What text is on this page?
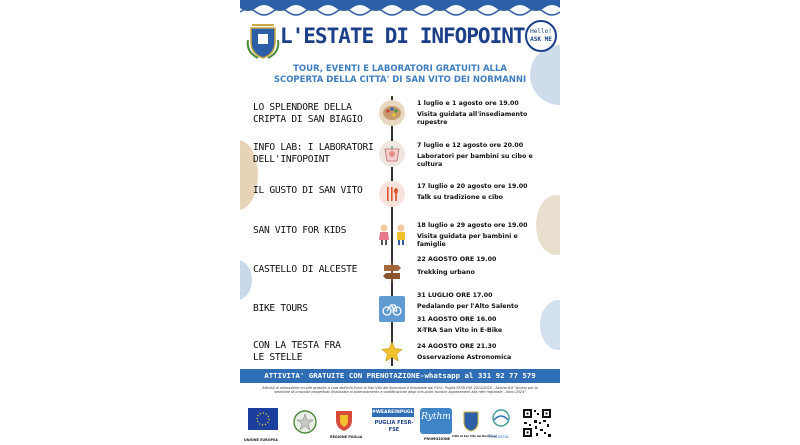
L'ESTATE DI INFOPOINT Hello!
ASK ME
TOUR, EVENTI E LABORATORI GRATUITI ALLA
SCOPERTA DELLA CITTA' DI SAN VITO DEI NORMANNI
LO SPLENDORE DELLA
CRIPTA DI SAN BIAGIO
1 luglio e 1 agosto ore 19.00
Visita guidata all'insediamento
rupestre
INFO LAB: I LABORATORI
DELL'INFOPOINT
7 luglio e 12 agosto ore 20.00
Laboratori per bambini su cibo e
cultura
IL GUSTO DI SAN VITO	17 luglio e 20 agosto ore 19.00
Talk su tradizione e cibo
SAN VITO FOR KIDS	18 luglio e 29 agosto ore 19.00
Visita guidata per bambini e famiglie
CASTELLO DI ALCESTE
22 AGOSTO ORE 19.00
Trekking urbano
BIKE TOURS
31 LUGLIO ORE 17.00
Pedalando per l'Alto Salento
31 AGOSTO ORE 16.00
X-TRA San Vito in E-Bike
CON LA TESTA FRA
LE STELLE
24 AGOSTO ORE 21.30
Osservazione Astronomica
ATTIVITA' GRATUITE CON PRENOTAZIONE-whatsapp al 331 92 77 579
Attività di animazione on-site gratuite a cura dell'Info-Point di San Vito dei Normanni e finanziate dal P.O.C. Puglia FESR-FSE 2014/2020 - Azione 6.8 "Avviso per la selezione di proposte progettuali finalizzate al potenziamento e qualificazione degli info-point turistici appartenenti alla rete regionale - Anno 2024"
UNIONE EUROPEA
REGIONE PUGLIA
#WEAREINPUGLIA
PUGLIA FESR-FSE
Rythm
PROMOZIONE
Città di San Vito dei Normanni
Thalassia
